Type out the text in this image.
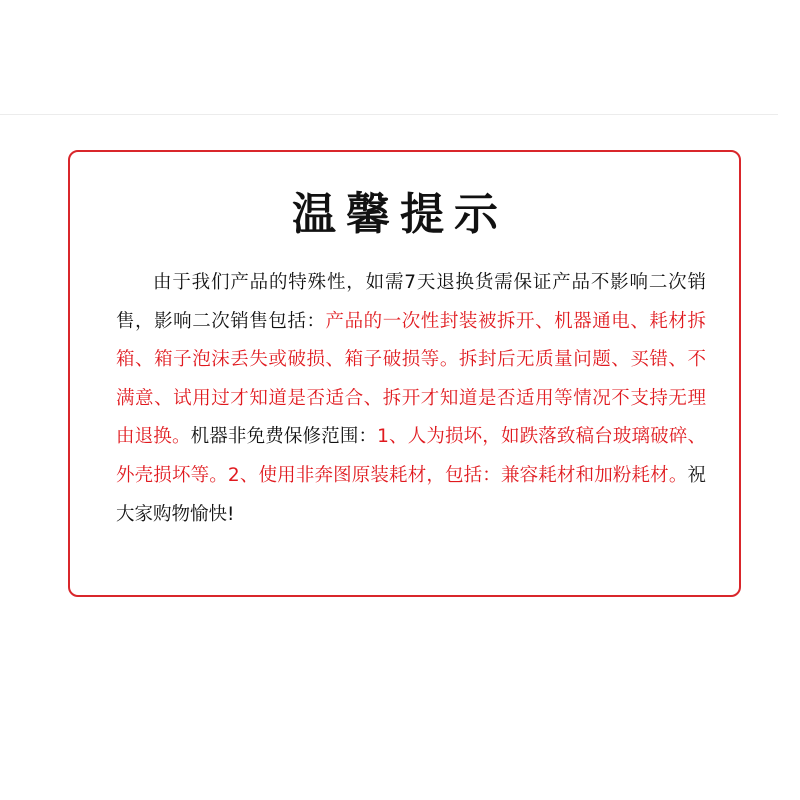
温馨提示

由于我们产品的特殊性，如需7天退换货需保证产品不影响二次销售，影响二次销售包括：产品的一次性封装被拆开、机器通电、耗材拆箱、箱子泡沫丢失或破损、箱子破损等。拆封后无质量问题、买错、不满意、试用过才知道是否适合、拆开才知道是否适用等情况不支持无理由退换。机器非免费保修范围：1、人为损坏，如跌落致稿台玻璃破碎、外壳损坏等。2、使用非奔图原装耗材，包括：兼容耗材和加粉耗材。祝大家购物愉快!
